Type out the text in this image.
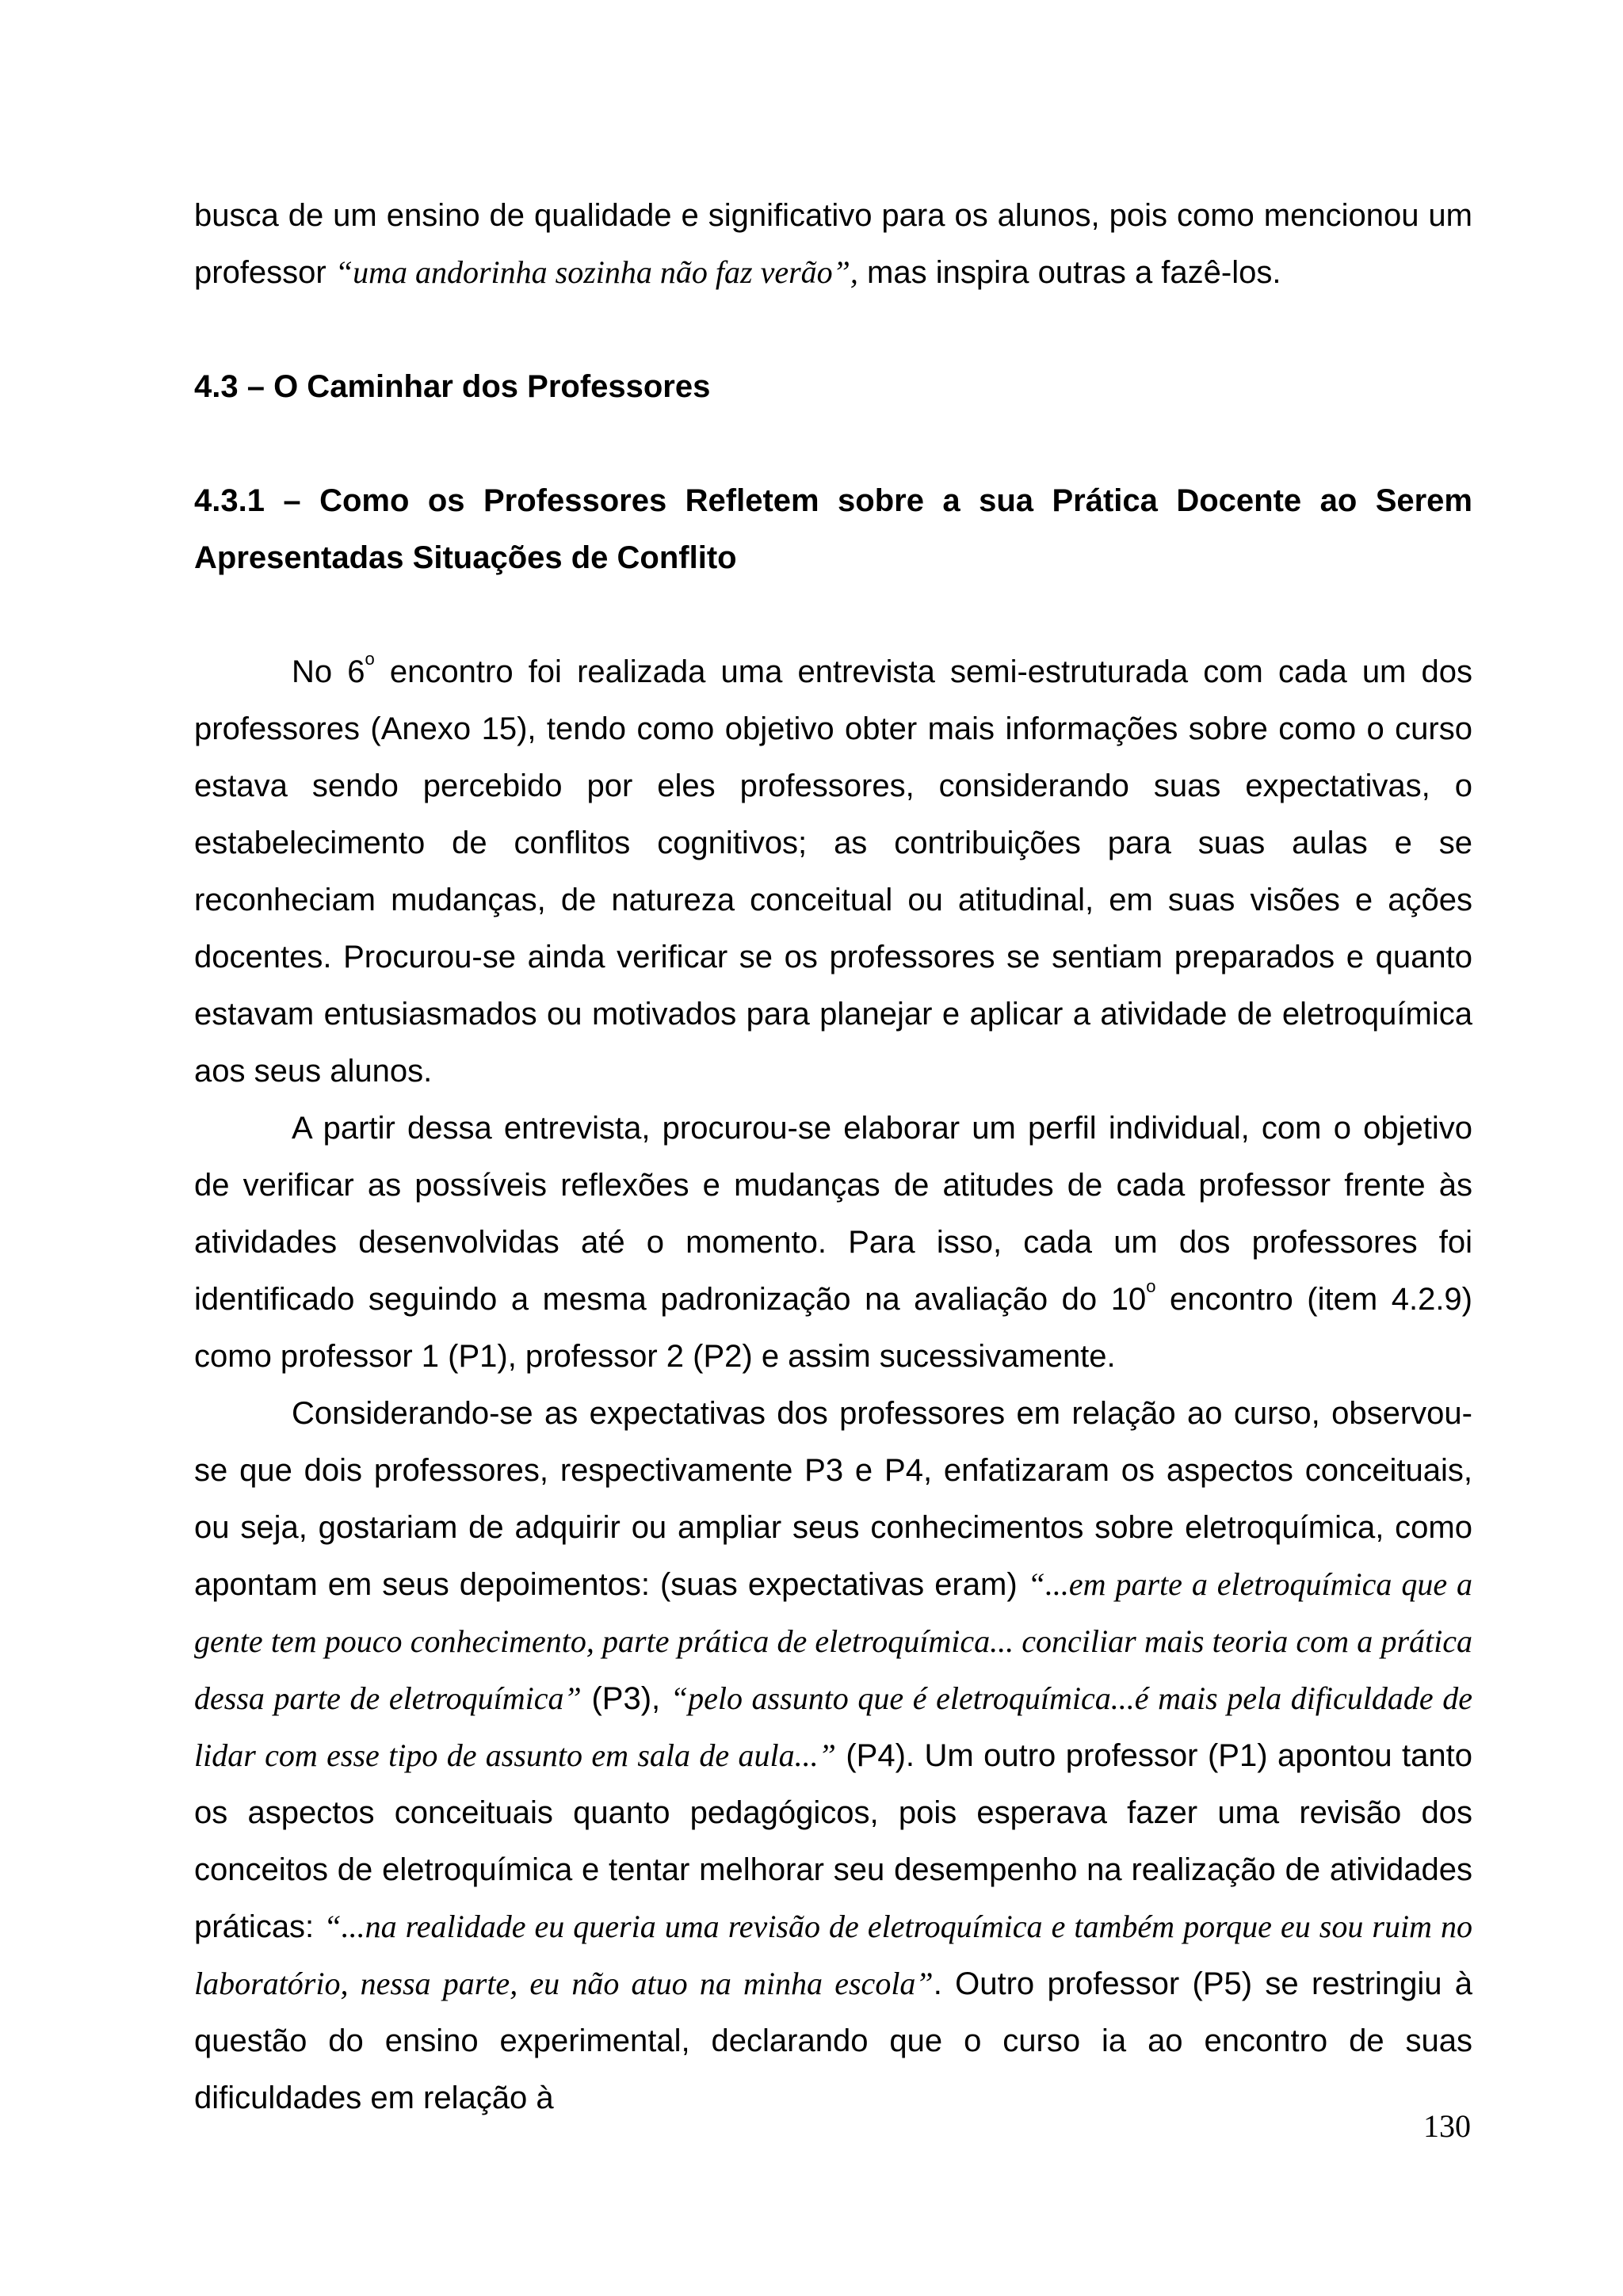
busca de um ensino de qualidade e significativo para os alunos, pois como mencionou um professor “uma andorinha sozinha não faz verão”, mas inspira outras a fazê-los.

4.3 – O Caminhar dos Professores

4.3.1 – Como os Professores Refletem sobre a sua Prática Docente ao Serem Apresentadas Situações de Conflito

No 6$^o$ encontro foi realizada uma entrevista semi-estruturada com cada um dos professores (Anexo 15), tendo como objetivo obter mais informações sobre como o curso estava sendo percebido por eles professores, considerando suas expectativas, o estabelecimento de conflitos cognitivos; as contribuições para suas aulas e se reconheciam mudanças, de natureza conceitual ou atitudinal, em suas visões e ações docentes. Procurou-se ainda verificar se os professores se sentiam preparados e quanto estavam entusiasmados ou motivados para planejar e aplicar a atividade de eletroquímica aos seus alunos.

A partir dessa entrevista, procurou-se elaborar um perfil individual, com o objetivo de verificar as possíveis reflexões e mudanças de atitudes de cada professor frente às atividades desenvolvidas até o momento. Para isso, cada um dos professores foi identificado seguindo a mesma padronização na avaliação do 10$^o$ encontro (item 4.2.9) como professor 1 (P1), professor 2 (P2) e assim sucessivamente.

Considerando-se as expectativas dos professores em relação ao curso, observou-se que dois professores, respectivamente P3 e P4, enfatizaram os aspectos conceituais, ou seja, gostariam de adquirir ou ampliar seus conhecimentos sobre eletroquímica, como apontam em seus depoimentos: (suas expectativas eram) “...em parte a eletroquímica que a gente tem pouco conhecimento, parte prática de eletroquímica... conciliar mais teoria com a prática dessa parte de eletroquímica” (P3), “pelo assunto que é eletroquímica...é mais pela dificuldade de lidar com esse tipo de assunto em sala de aula...” (P4). Um outro professor (P1) apontou tanto os aspectos conceituais quanto pedagógicos, pois esperava fazer uma revisão dos conceitos de eletroquímica e tentar melhorar seu desempenho na realização de atividades práticas: “...na realidade eu queria uma revisão de eletroquímica e também porque eu sou ruim no laboratório, nessa parte, eu não atuo na minha escola”. Outro professor (P5) se restringiu à questão do ensino experimental, declarando que o curso ia ao encontro de suas dificuldades em relação à

130
